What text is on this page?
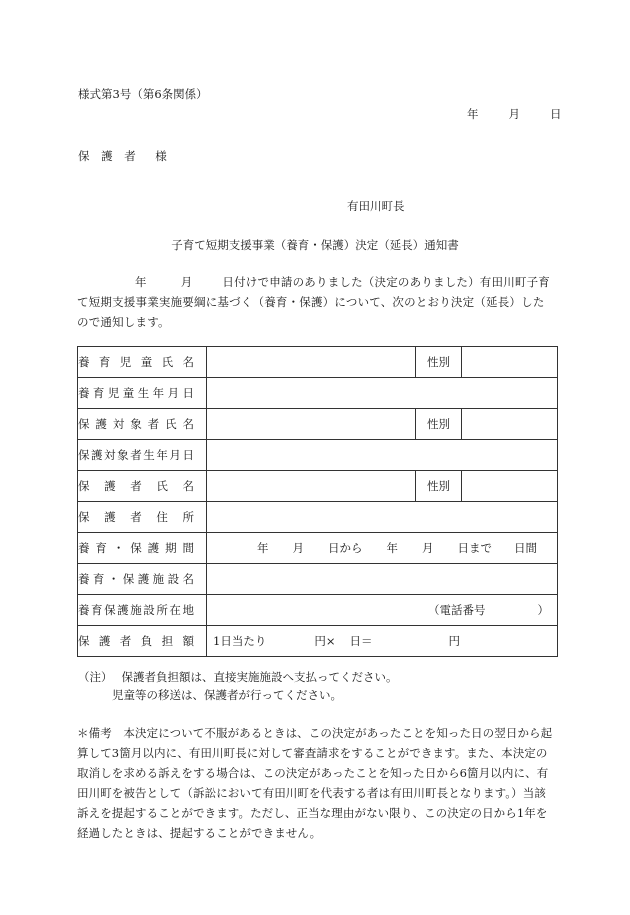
様式第3号（第6条関係）
年	月	日
保 護 者　様
有田川町長
子育て短期支援事業（養育・保護）決定（延長）通知書
年	月	日付けで申請のありました（決定のありました）有田川町子育て短期支援事業実施要綱に基づく（養育・保護）について、次のとおり決定（延長）したので通知します。
養育児童氏名		性別	

養育児童生年月日			

保護対象者氏名		性別	

保護対象者生年月日			

保護者氏名		性別	

保護者住所			

養育・保護期間	年 月 日から 年 月 日まで 日間		

養育・保護施設名			

養育保護施設所在地	（電話番号 ）		

保護者負担額	1日当たり 円× 日＝ 円		
（注） 保護者負担額は、直接実施施設へ支払ってください。
児童等の移送は、保護者が行ってください。
＊備考　本決定について不服があるときは、この決定があったことを知った日の翌日から起算して3箇月以内に、有田川町長に対して審査請求をすることができます。また、本決定の取消しを求める訴えをする場合は、この決定があったことを知った日から6箇月以内に、有田川町を被告として（訴訟において有田川町を代表する者は有田川町長となります。）当該訴えを提起することができます。ただし、正当な理由がない限り、この決定の日から1年を経過したときは、提起することができません。
